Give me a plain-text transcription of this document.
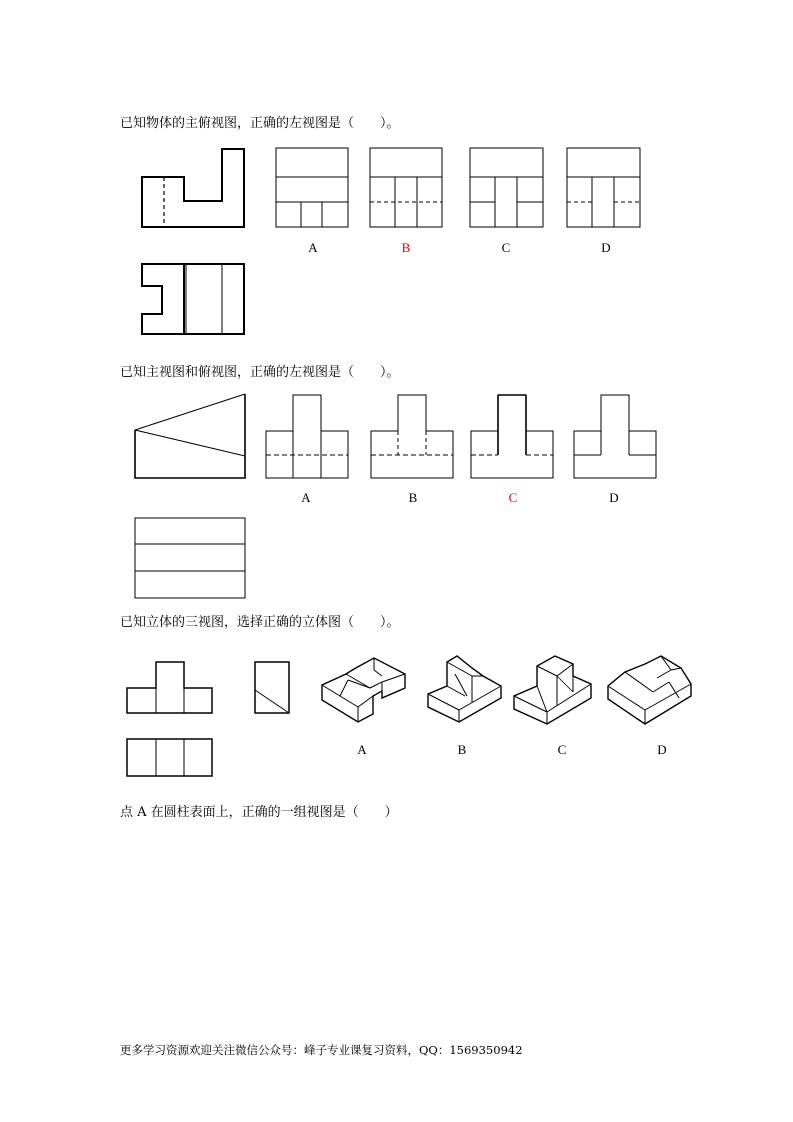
已知物体的主俯视图，正确的左视图是（　　）。
A	B	C	D
已知主视图和俯视图，正确的左视图是（　　）。
A	B	C	D
已知立体的三视图，选择正确的立体图（　　）。
A	B	C	D
点 A 在圆柱表面上，正确的一组视图是（　　）
更多学习资源欢迎关注微信公众号：峰子专业课复习资料，QQ：1569350942
